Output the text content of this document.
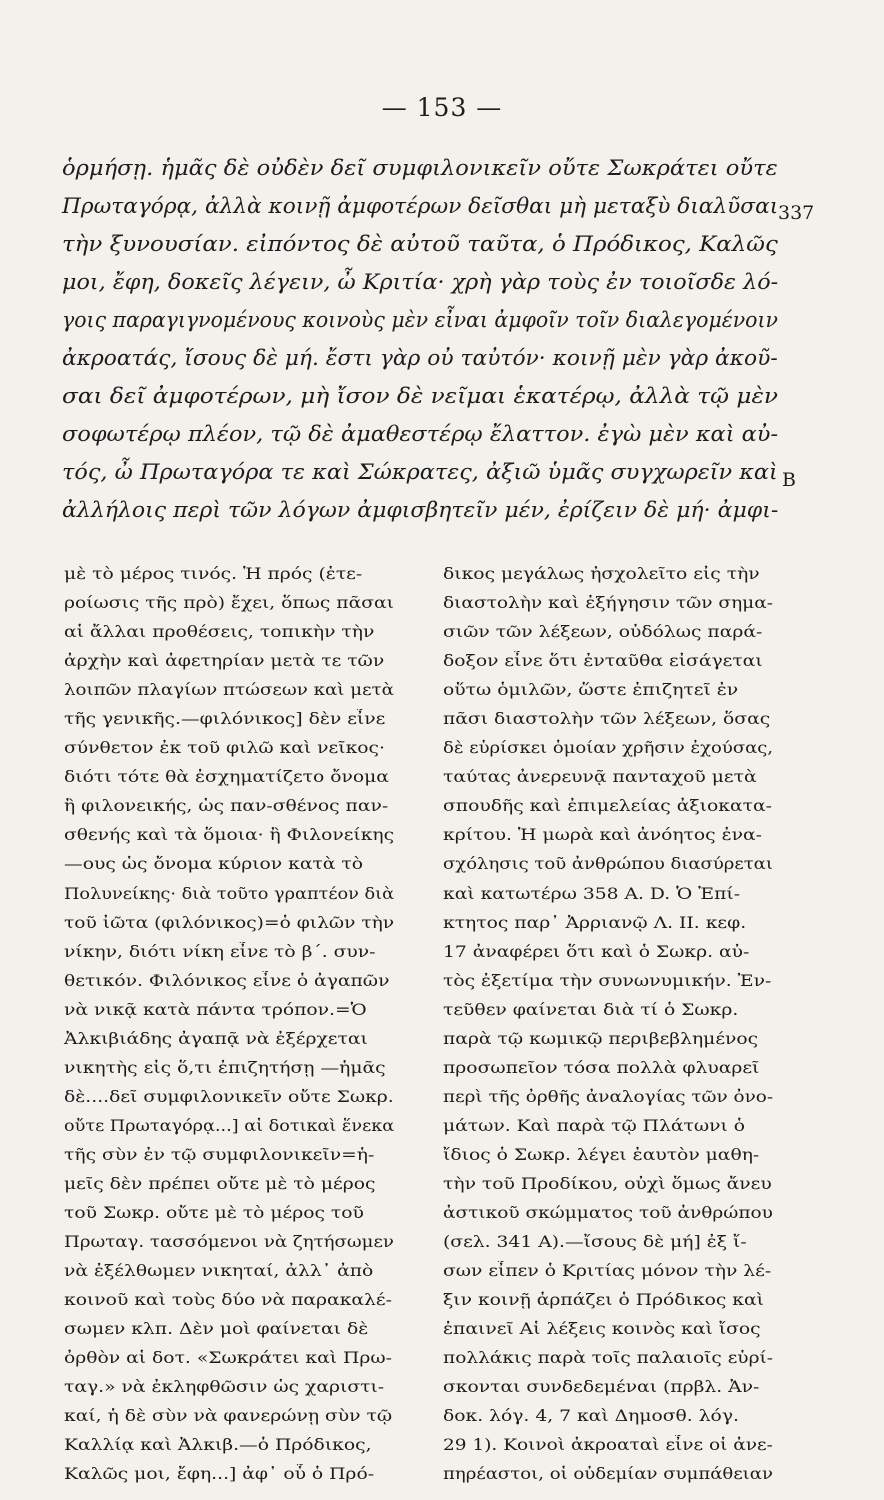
— 153 —
ὁρμήσῃ. ἡμᾶς δὲ οὐδὲν δεῖ συμφιλονικεῖν οὔτε Σωκράτει οὔτε
Πρωταγόρᾳ, ἀλλὰ κοινῇ ἀμφοτέρων δεῖσθαι μὴ μεταξὺ διαλῦσαι
τὴν ξυνουσίαν. εἰπόντος δὲ αὐτοῦ ταῦτα, ὁ Πρόδικος, Καλῶς
μοι, ἔφη, δοκεῖς λέγειν, ὦ Κριτία· χρὴ γὰρ τοὺς ἐν τοιοῖσδε λό-
γοις παραγιγνομένους κοινοὺς μὲν εἶναι ἀμφοῖν τοῖν διαλεγομένοιν
ἀκροατάς, ἴσους δὲ μή. ἔστι γὰρ οὐ ταὐτόν· κοινῇ μὲν γὰρ ἀκοῦ-
σαι δεῖ ἀμφοτέρων, μὴ ἴσον δὲ νεῖμαι ἑκατέρῳ, ἀλλὰ τῷ μὲν
σοφωτέρῳ πλέον, τῷ δὲ ἀμαθεστέρῳ ἔλαττον. ἐγὼ μὲν καὶ αὐ-
τός, ὦ Πρωταγόρα τε καὶ Σώκρατες, ἀξιῶ ὑμᾶς συγχωρεῖν καὶ
ἀλλήλοις περὶ τῶν λόγων ἀμφισβητεῖν μέν, ἐρίζειν δὲ μή· ἀμφι-
337
B
μὲ τὸ μέρος τινός. Ἡ πρός (ἑτε-
ροίωσις τῆς πρὸ) ἔχει, ὅπως πᾶσαι
αἱ ἄλλαι προθέσεις, τοπικὴν τὴν
ἀρχὴν καὶ ἀφετηρίαν μετὰ τε τῶν
λοιπῶν πλαγίων πτώσεων καὶ μετὰ
τῆς γενικῆς.—φιλόνικος] δὲν εἶνε
σύνθετον ἐκ τοῦ φιλῶ καὶ νεῖκος·
διότι τότε θὰ ἐσχηματίζετο ὄνομα
ἢ φιλονεικής, ὡς παν-σθένος παν-
σθενής καὶ τὰ ὅμοια· ἢ Φιλονείκης
—ους ὡς ὄνομα κύριον κατὰ τὸ
Πολυνείκης· διὰ τοῦτο γραπτέον διὰ
τοῦ ἰῶτα (φιλόνικος)=ὁ φιλῶν τὴν
νίκην, διότι νίκη εἶνε τὸ β΄. συν-
θετικόν. Φιλόνικος εἶνε ὁ ἀγαπῶν
νὰ νικᾷ κατὰ πάντα τρόπον.=Ὁ
Ἀλκιβιάδης ἀγαπᾷ νὰ ἐξέρχεται
νικητὴς εἰς ὅ,τι ἐπιζητήσῃ —ἡμᾶς
δὲ....δεῖ συμφιλονικεῖν οὔτε Σωκρ.
οὔτε Πρωταγόρᾳ...] αἱ δοτικαὶ ἕνεκα
τῆς σὺν ἐν τῷ συμφιλονικεῖν=ἡ-
μεῖς δὲν πρέπει οὔτε μὲ τὸ μέρος
τοῦ Σωκρ. οὔτε μὲ τὸ μέρος τοῦ
Πρωταγ. τασσόμενοι νὰ ζητήσωμεν
νὰ ἐξέλθωμεν νικηταί, ἀλλ᾽ ἀπὸ
κοινοῦ καὶ τοὺς δύο νὰ παρακαλέ-
σωμεν κλπ. Δὲν μοὶ φαίνεται δὲ
ὀρθὸν αἱ δοτ. «Σωκράτει καὶ Πρω-
ταγ.» νὰ ἐκληφθῶσιν ὡς χαριστι-
καί, ἡ δὲ σὺν νὰ φανερώνῃ σὺν τῷ
Καλλίᾳ καὶ Ἀλκιβ.—ὁ Πρόδικος,
Καλῶς μοι, ἔφη...] ἀφ᾽ οὗ ὁ Πρό-
δικος μεγάλως ἠσχολεῖτο εἰς τὴν
διαστολὴν καὶ ἐξήγησιν τῶν σημα-
σιῶν τῶν λέξεων, οὐδόλως παρά-
δοξον εἶνε ὅτι ἐνταῦθα εἰσάγεται
οὕτω ὁμιλῶν, ὥστε ἐπιζητεῖ ἐν
πᾶσι διαστολὴν τῶν λέξεων, ὅσας
δὲ εὑρίσκει ὁμοίαν χρῆσιν ἐχούσας,
ταύτας ἀνερευνᾷ πανταχοῦ μετὰ
σπουδῆς καὶ ἐπιμελείας ἀξιοκατα-
κρίτου. Ἡ μωρὰ καὶ ἀνόητος ἐνα-
σχόλησις τοῦ ἀνθρώπου διασύρεται
καὶ κατωτέρω 358 Α. D. Ὁ Ἐπί-
κτητος παρ᾽ Ἀρριανῷ Λ. ΙΙ. κεφ.
17 ἀναφέρει ὅτι καὶ ὁ Σωκρ. αὐ-
τὸς ἐξετίμα τὴν συνωνυμικήν. Ἐν-
τεῦθεν φαίνεται διὰ τί ὁ Σωκρ.
παρὰ τῷ κωμικῷ περιβεβλημένος
προσωπεῖον τόσα πολλὰ φλυαρεῖ
περὶ τῆς ὀρθῆς ἀναλογίας τῶν ὀνο-
μάτων. Καὶ παρὰ τῷ Πλάτωνι ὁ
ἴδιος ὁ Σωκρ. λέγει ἑαυτὸν μαθη-
τὴν τοῦ Προδίκου, οὐχὶ ὅμως ἄνευ
ἀστικοῦ σκώμματος τοῦ ἀνθρώπου
(σελ. 341 Α).—ἴσους δὲ μή] ἐξ ἴ-
σων εἶπεν ὁ Κριτίας μόνον τὴν λέ-
ξιν κοινῇ ἁρπάζει ὁ Πρόδικος καὶ
ἐπαινεῖ Αἱ λέξεις κοινὸς καὶ ἴσος
πολλάκις παρὰ τοῖς παλαιοῖς εὑρί-
σκονται συνδεδεμέναι (πρβλ. Ἀν-
δοκ. λόγ. 4, 7 καὶ Δημοσθ. λόγ.
29 1). Κοινοὶ ἀκροαταὶ εἶνε οἱ ἀνε-
πηρέαστοι, οἱ οὐδεμίαν συμπάθειαν
